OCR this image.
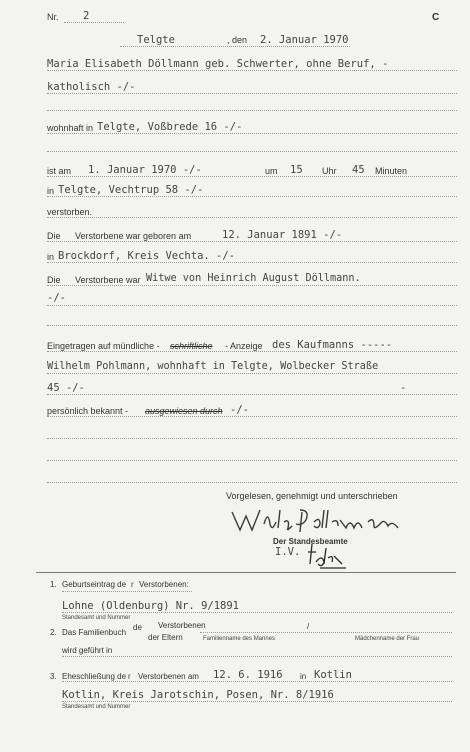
Nr. 2	C
Telgte	, den 2. Januar 1970
Maria Elisabeth Döllmann geb. Schwerter, ohne Beruf, -
katholisch -/-
wohnhaft in Telgte, Voßbrede 16 -/-
ist am 1. Januar 1970 -/-	um 15 Uhr 45 Minuten
in Telgte, Vechtrup 58 -/-
verstorben.
Die Verstorbene war geboren am	12. Januar 1891 -/-
in Brockdorf, Kreis Vechta. -/-
Die Verstorbene war Witwe von Heinrich August Döllmann.
-/-
Eingetragen auf mündliche - schriftliche - Anzeige des Kaufmanns -----
Wilhelm Pohlmann, wohnhaft in Telgte, Wolbecker Straße
45 -/-	-
persönlich bekannt - ausgewiesen durch -/-
Vorgelesen, genehmigt und unterschrieben
Der Standesbeamte
I.V.
1. Geburtseintrag de r Verstorbenen:
Lohne (Oldenburg) Nr. 9/1891
Standesamt und Nummer
2. Das Familienbuch
de Verstorbenen
der Eltern
/
Familienname des Mannes	Mädchenname der Frau
wird geführt in
3. Eheschließung de r Verstorbenen am 12. 6. 1916 in Kotlin
Kotlin, Kreis Jarotschin, Posen, Nr. 8/1916
Standesamt und Nummer
